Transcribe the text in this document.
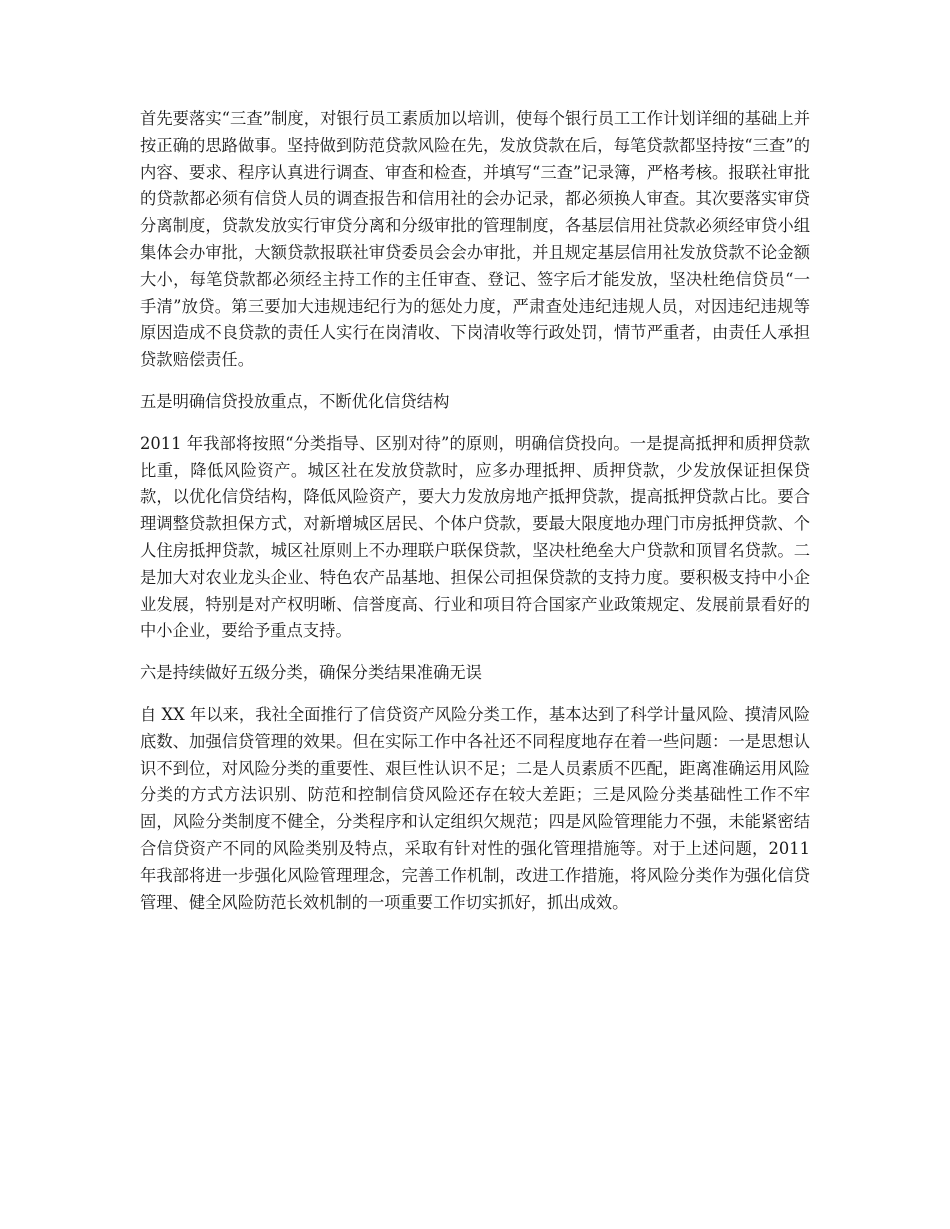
首先要落实“三查”制度，对银行员工素质加以培训，使每个银行员工工作计划详细的基础上并按正确的思路做事。坚持做到防范贷款风险在先，发放贷款在后，每笔贷款都坚持按“三查”的内容、要求、程序认真进行调查、审查和检查，并填写“三查”记录簿，严格考核。报联社审批的贷款都必须有信贷人员的调查报告和信用社的会办记录，都必须换人审查。其次要落实审贷分离制度，贷款发放实行审贷分离和分级审批的管理制度，各基层信用社贷款必须经审贷小组集体会办审批，大额贷款报联社审贷委员会会办审批，并且规定基层信用社发放贷款不论金额大小，每笔贷款都必须经主持工作的主任审查、登记、签字后才能发放，坚决杜绝信贷员“一手清”放贷。第三要加大违规违纪行为的惩处力度，严肃查处违纪违规人员，对因违纪违规等原因造成不良贷款的责任人实行在岗清收、下岗清收等行政处罚，情节严重者，由责任人承担贷款赔偿责任。

五是明确信贷投放重点，不断优化信贷结构

2011 年我部将按照“分类指导、区别对待”的原则，明确信贷投向。一是提高抵押和质押贷款比重，降低风险资产。城区社在发放贷款时，应多办理抵押、质押贷款，少发放保证担保贷款，以优化信贷结构，降低风险资产，要大力发放房地产抵押贷款，提高抵押贷款占比。要合理调整贷款担保方式，对新增城区居民、个体户贷款，要最大限度地办理门市房抵押贷款、个人住房抵押贷款，城区社原则上不办理联户联保贷款，坚决杜绝垒大户贷款和顶冒名贷款。二是加大对农业龙头企业、特色农产品基地、担保公司担保贷款的支持力度。要积极支持中小企业发展，特别是对产权明晰、信誉度高、行业和项目符合国家产业政策规定、发展前景看好的中小企业，要给予重点支持。

六是持续做好五级分类，确保分类结果准确无误

自 XX 年以来，我社全面推行了信贷资产风险分类工作，基本达到了科学计量风险、摸清风险底数、加强信贷管理的效果。但在实际工作中各社还不同程度地存在着一些问题：一是思想认识不到位，对风险分类的重要性、艰巨性认识不足；二是人员素质不匹配，距离准确运用风险分类的方式方法识别、防范和控制信贷风险还存在较大差距；三是风险分类基础性工作不牢固，风险分类制度不健全，分类程序和认定组织欠规范；四是风险管理能力不强，未能紧密结合信贷资产不同的风险类别及特点，采取有针对性的强化管理措施等。对于上述问题，2011 年我部将进一步强化风险管理理念，完善工作机制，改进工作措施，将风险分类作为强化信贷管理、健全风险防范长效机制的一项重要工作切实抓好，抓出成效。
